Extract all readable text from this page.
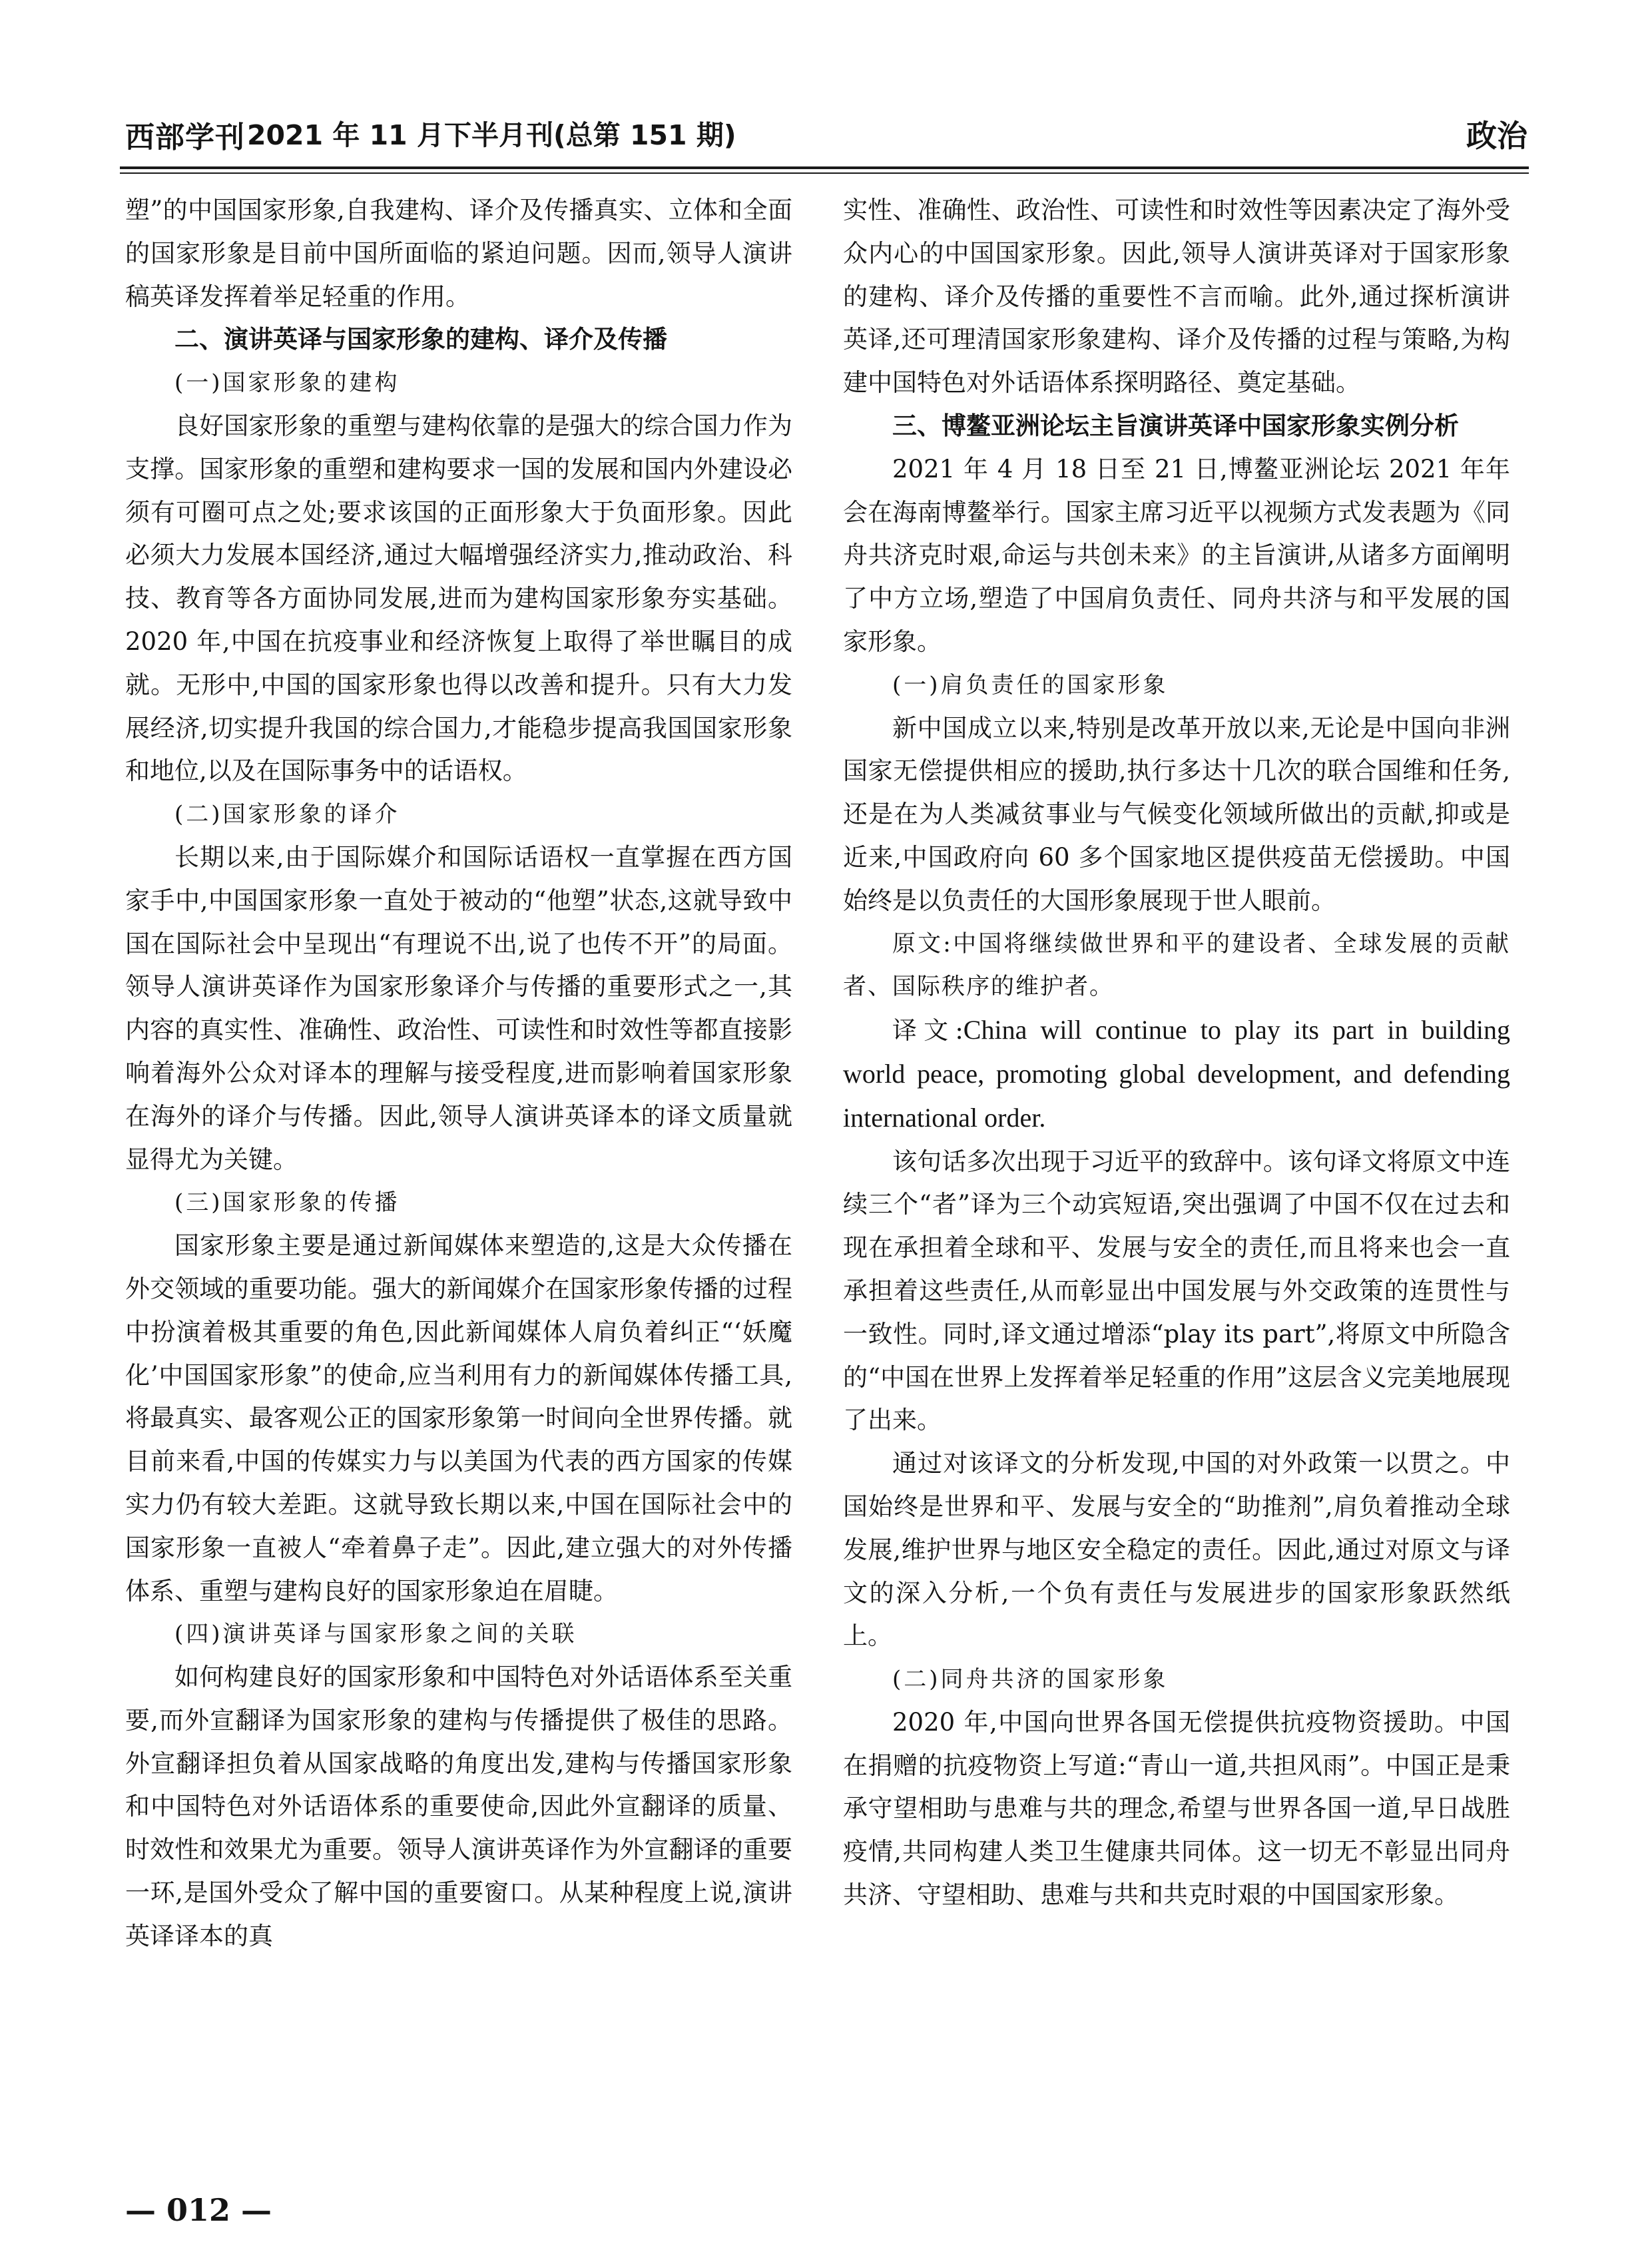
西部学刊 2021 年 11 月下半月刊(总第 151 期)	政治

塑”的中国国家形象,自我建构、译介及传播真实、立体和全面的国家形象是目前中国所面临的紧迫问题。因而,领导人演讲稿英译发挥着举足轻重的作用。

二、演讲英译与国家形象的建构、译介及传播

(一)国家形象的建构

良好国家形象的重塑与建构依靠的是强大的综合国力作为支撑。国家形象的重塑和建构要求一国的发展和国内外建设必须有可圈可点之处;要求该国的正面形象大于负面形象。因此必须大力发展本国经济,通过大幅增强经济实力,推动政治、科技、教育等各方面协同发展,进而为建构国家形象夯实基础。2020 年,中国在抗疫事业和经济恢复上取得了举世瞩目的成就。无形中,中国的国家形象也得以改善和提升。只有大力发展经济,切实提升我国的综合国力,才能稳步提高我国国家形象和地位,以及在国际事务中的话语权。

(二)国家形象的译介

长期以来,由于国际媒介和国际话语权一直掌握在西方国家手中,中国国家形象一直处于被动的“他塑”状态,这就导致中国在国际社会中呈现出“有理说不出,说了也传不开”的局面。领导人演讲英译作为国家形象译介与传播的重要形式之一,其内容的真实性、准确性、政治性、可读性和时效性等都直接影响着海外公众对译本的理解与接受程度,进而影响着国家形象在海外的译介与传播。因此,领导人演讲英译本的译文质量就显得尤为关键。

(三)国家形象的传播

国家形象主要是通过新闻媒体来塑造的,这是大众传播在外交领域的重要功能。强大的新闻媒介在国家形象传播的过程中扮演着极其重要的角色,因此新闻媒体人肩负着纠正“‘妖魔化’中国国家形象”的使命,应当利用有力的新闻媒体传播工具,将最真实、最客观公正的国家形象第一时间向全世界传播。就目前来看,中国的传媒实力与以美国为代表的西方国家的传媒实力仍有较大差距。这就导致长期以来,中国在国际社会中的国家形象一直被人“牵着鼻子走”。因此,建立强大的对外传播体系、重塑与建构良好的国家形象迫在眉睫。

(四)演讲英译与国家形象之间的关联

如何构建良好的国家形象和中国特色对外话语体系至关重要,而外宣翻译为国家形象的建构与传播提供了极佳的思路。外宣翻译担负着从国家战略的角度出发,建构与传播国家形象和中国特色对外话语体系的重要使命,因此外宣翻译的质量、时效性和效果尤为重要。领导人演讲英译作为外宣翻译的重要一环,是国外受众了解中国的重要窗口。从某种程度上说,演讲英译译本的真

实性、准确性、政治性、可读性和时效性等因素决定了海外受众内心的中国国家形象。因此,领导人演讲英译对于国家形象的建构、译介及传播的重要性不言而喻。此外,通过探析演讲英译,还可理清国家形象建构、译介及传播的过程与策略,为构建中国特色对外话语体系探明路径、奠定基础。

三、博鳌亚洲论坛主旨演讲英译中国家形象实例分析

2021 年 4 月 18 日至 21 日,博鳌亚洲论坛 2021 年年会在海南博鳌举行。国家主席习近平以视频方式发表题为《同舟共济克时艰,命运与共创未来》的主旨演讲,从诸多方面阐明了中方立场,塑造了中国肩负责任、同舟共济与和平发展的国家形象。

(一)肩负责任的国家形象

新中国成立以来,特别是改革开放以来,无论是中国向非洲国家无偿提供相应的援助,执行多达十几次的联合国维和任务,还是在为人类减贫事业与气候变化领域所做出的贡献,抑或是近来,中国政府向 60 多个国家地区提供疫苗无偿援助。中国始终是以负责任的大国形象展现于世人眼前。

原文:中国将继续做世界和平的建设者、全球发展的贡献者、国际秩序的维护者。

译文:China will continue to play its part in building world peace, promoting global development, and defending international order.

该句话多次出现于习近平的致辞中。该句译文将原文中连续三个“者”译为三个动宾短语,突出强调了中国不仅在过去和现在承担着全球和平、发展与安全的责任,而且将来也会一直承担着这些责任,从而彰显出中国发展与外交政策的连贯性与一致性。同时,译文通过增添“play its part”,将原文中所隐含的“中国在世界上发挥着举足轻重的作用”这层含义完美地展现了出来。

通过对该译文的分析发现,中国的对外政策一以贯之。中国始终是世界和平、发展与安全的“助推剂”,肩负着推动全球发展,维护世界与地区安全稳定的责任。因此,通过对原文与译文的深入分析,一个负有责任与发展进步的国家形象跃然纸上。

(二)同舟共济的国家形象

2020 年,中国向世界各国无偿提供抗疫物资援助。中国在捐赠的抗疫物资上写道:“青山一道,共担风雨”。中国正是秉承守望相助与患难与共的理念,希望与世界各国一道,早日战胜疫情,共同构建人类卫生健康共同体。这一切无不彰显出同舟共济、守望相助、患难与共和共克时艰的中国国家形象。

— 012 —
